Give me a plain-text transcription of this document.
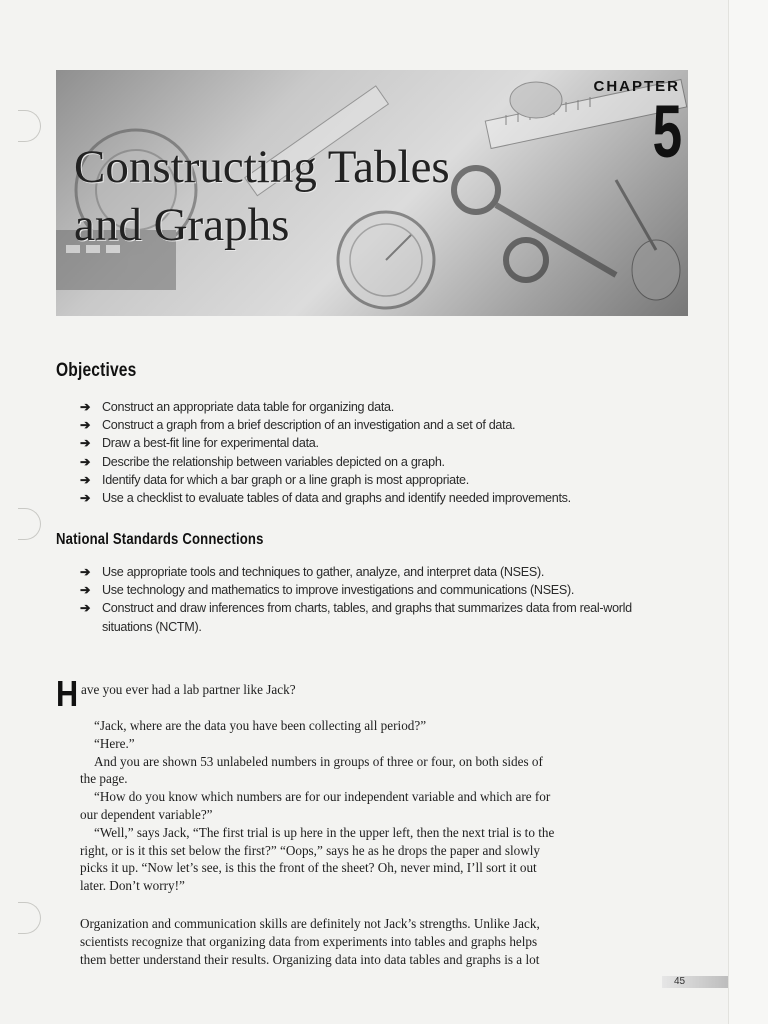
CHAPTER
5
Constructing Tables
and Graphs
Objectives
➔ Construct an appropriate data table for organizing data.
➔ Construct a graph from a brief description of an investigation and a set of data.
➔ Draw a best-fit line for experimental data.
➔ Describe the relationship between variables depicted on a graph.
➔ Identify data for which a bar graph or a line graph is most appropriate.
➔ Use a checklist to evaluate tables of data and graphs and identify needed improvements.
National Standards Connections
➔ Use appropriate tools and techniques to gather, analyze, and interpret data (NSES).
➔ Use technology and mathematics to improve investigations and communications (NSES).
➔ Construct and draw inferences from charts, tables, and graphs that summarizes data from real-world situations (NCTM).
H ave you ever had a lab partner like Jack?

“Jack, where are the data you have been collecting all period?”

“Here.”

And you are shown 53 unlabeled numbers in groups of three or four, on both sides of the page.

“How do you know which numbers are for our independent variable and which are for our dependent variable?”

“Well,” says Jack, “The first trial is up here in the upper left, then the next trial is to the right, or is it this set below the first?” “Oops,” says he as he drops the paper and slowly picks it up. “Now let’s see, is this the front of the sheet? Oh, never mind, I’ll sort it out later. Don’t worry!”

Organization and communication skills are definitely not Jack’s strengths. Unlike Jack, scientists recognize that organizing data from experiments into tables and graphs helps them better understand their results. Organizing data into data tables and graphs is a lot

45
